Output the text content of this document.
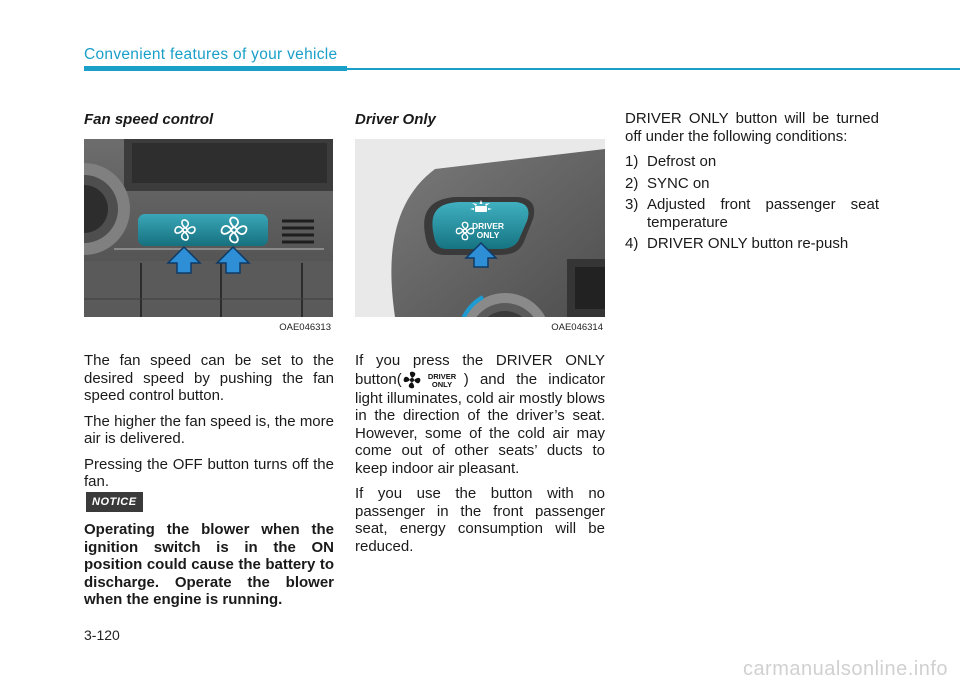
Convenient features of your vehicle
Fan speed control
OAE046313

The fan speed can be set to the desired speed by pushing the fan speed control button.

The higher the fan speed is, the more air is delivered.

Pressing the OFF button turns off the fan.

NOTICE

Operating the blower when the ignition switch is in the ON position could cause the battery to discharge. Operate the blower when the engine is running.

Driver Only
DRIVER
ONLY
OAE046314

If you press the DRIVER ONLY button(	DRIVER
ONLY ) and the indicator light illuminates, cold air mostly blows in the direction of the driver’s seat. However, some of the cold air may come out of other seats’ ducts to keep indoor air pleasant.

If you use the button with no passenger in the front passenger seat, energy consumption will be reduced.

DRIVER ONLY button will be turned off under the following conditions:

1) Defrost on
2) SYNC on
3) Adjusted front passenger seat temperature
4) DRIVER ONLY button re-push
3-120
carmanualsonline.info
